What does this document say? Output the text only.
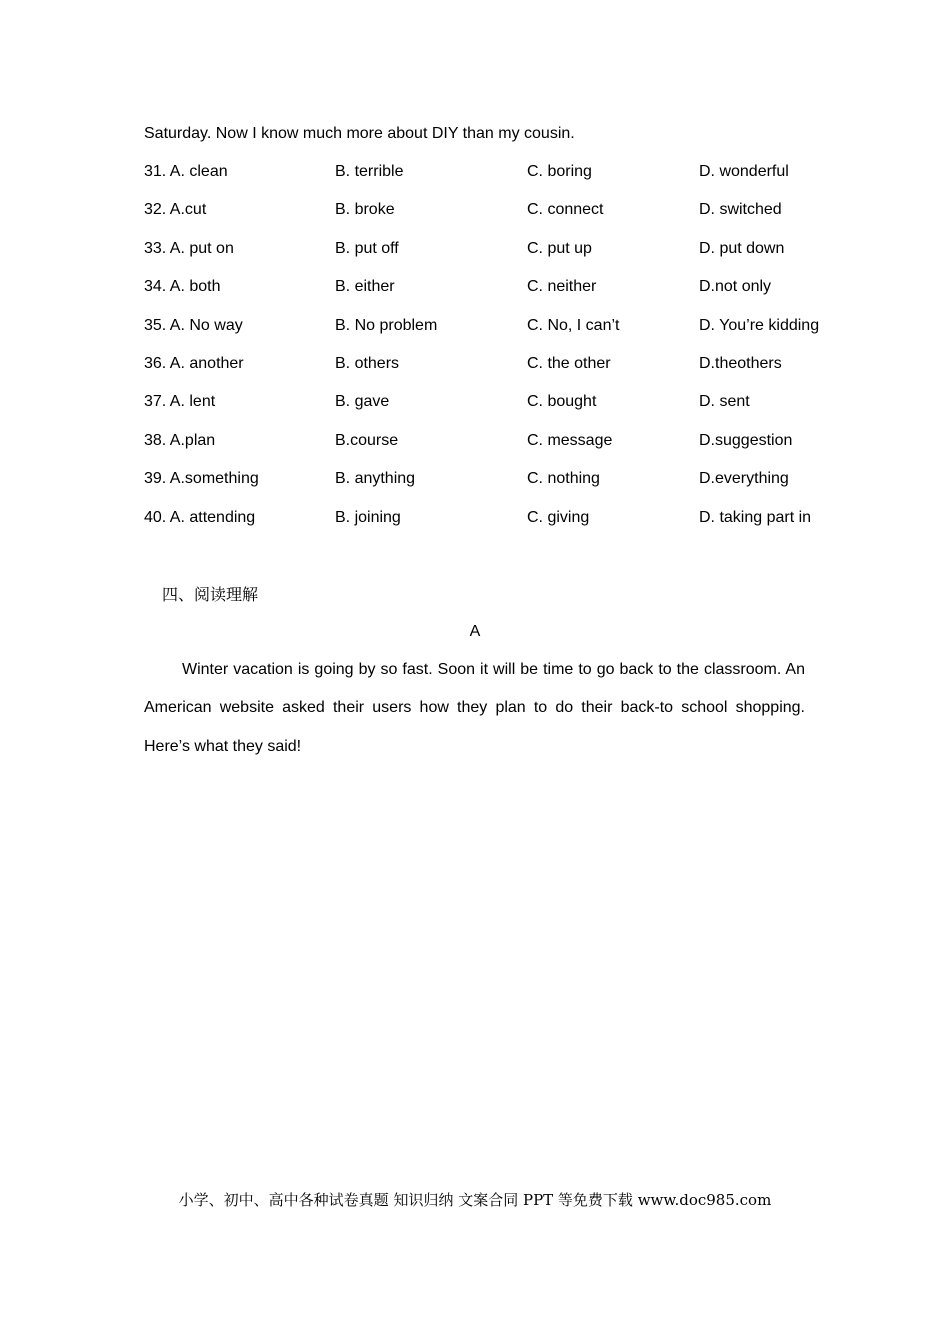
Saturday. Now I know much more about DIY than my cousin.
31. A. clean	B. terrible	C. boring	D. wonderful
32. A.cut	B. broke	C. connect	D. switched
33. A. put on	B. put off	C. put up	D. put down
34. A. both	B. either	C. neither	D.not only
35. A. No way	B. No problem	C. No, I can’t	D. You’re kidding
36. A. another	B. others	C. the other	D.theothers
37. A. lent	B. gave	C. bought	D. sent
38. A.plan	B.course	C. message	D.suggestion
39. A.something	B. anything	C. nothing	D.everything
40. A. attending	B. joining	C. giving	D. taking part in
四、阅读理解
A

Winter vacation is going by so fast. Soon it will be time to go back to the classroom. An American website asked their users how they plan to do their back-to school shopping. Here’s what they said!

小学、初中、高中各种试卷真题 知识归纳 文案合同 PPT 等免费下载 www.doc985.com
